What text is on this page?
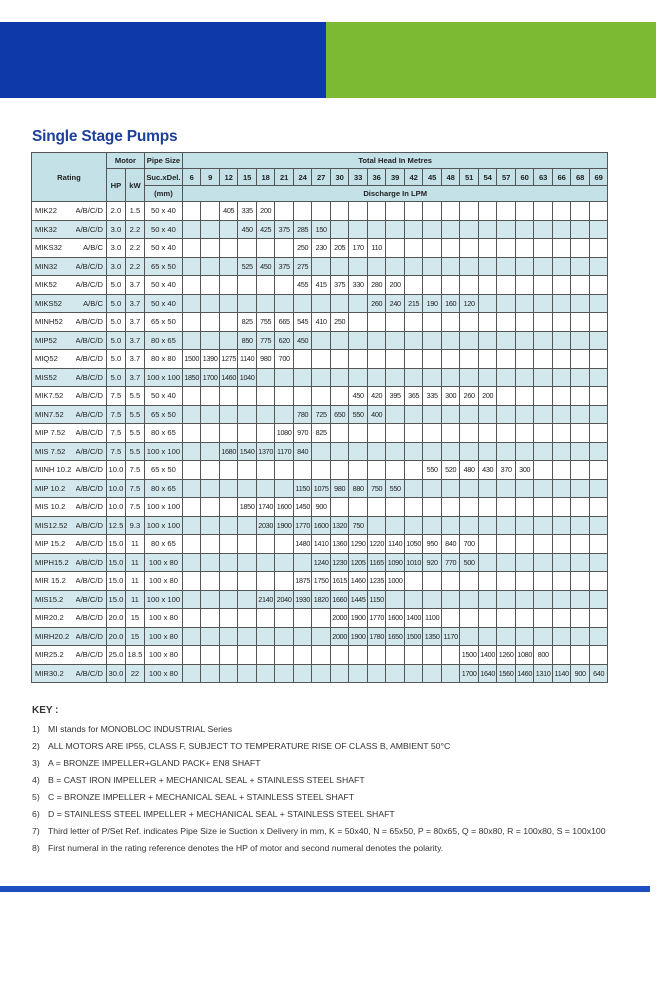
Single Stage Pumps
Rating		Motor		Pipe Size	Total Head In Metres																						
		HP	kW	Suc.xDel.	6	9	12	15	18	21	24	27	30	33	36	39	42	45	48	51	54	57	60	63	66	68	69
				(mm)	Discharge In LPM																						
MIK22	A/B/C/D	2.0	1.5	50 x 40			405	335	200																		
MIK32	A/B/C/D	3.0	2.2	50 x 40				450	425	375	285	150															
MIKS32	A/B/C	3.0	2.2	50 x 40							250	230	205	170	110												
MIN32	A/B/C/D	3.0	2.2	65 x 50				525	450	375	275																
MIK52	A/B/C/D	5.0	3.7	50 x 40							455	415	375	330	280	200											
MIKS52	A/B/C	5.0	3.7	50 x 40											260	240	215	190	160	120							
MINH52	A/B/C/D	5.0	3.7	65 x 50				825	755	665	545	410	250														
MIP52	A/B/C/D	5.0	3.7	80 x 65				850	775	620	450																
MIQ52	A/B/C/D	5.0	3.7	80 x 80	1500	1390	1275	1140	980	700																	
MIS52	A/B/C/D	5.0	3.7	100 x 100	1850	1700	1460	1040																			
MIK7.52	A/B/C/D	7.5	5.5	50 x 40										450	420	395	365	335	300	260	200						
MIN7.52	A/B/C/D	7.5	5.5	65 x 50							780	725	650	550	400												
MIP 7.52	A/B/C/D	7.5	5.5	80 x 65						1080	970	825															
MIS 7.52	A/B/C/D	7.5	5.5	100 x 100			1680	1540	1370	1170	840																
MINH 10.2	A/B/C/D	10.0	7.5	65 x 50														550	520	480	430	370	300				
MIP 10.2	A/B/C/D	10.0	7.5	80 x 65							1150	1075	980	880	750	550											
MIS 10.2	A/B/C/D	10.0	7.5	100 x 100				1850	1740	1600	1450	900															
MIS12.52	A/B/C/D	12.5	9.3	100 x 100					2030	1900	1770	1600	1320	750													
MIP 15.2	A/B/C/D	15.0	11	80 x 65							1480	1410	1360	1290	1220	1140	1050	950	840	700							
MIPH15.2	A/B/C/D	15.0	11	100 x 80								1240	1230	1205	1165	1090	1010	920	770	500							
MIR 15.2	A/B/C/D	15.0	11	100 x 80							1875	1750	1615	1460	1235	1000											
MIS15.2	A/B/C/D	15.0	11	100 x 100					2140	2040	1930	1820	1660	1445	1150												
MIR20.2	A/B/C/D	20.0	15	100 x 80									2000	1900	1770	1600	1400	1100									
MIRH20.2	A/B/C/D	20.0	15	100 x 80									2000	1900	1780	1650	1500	1350	1170								
MIR25.2	A/B/C/D	25.0	18.5	100 x 80																1500	1400	1260	1080	800			
MIR30.2	A/B/C/D	30.0	22	100 x 80																1700	1640	1560	1460	1310	1140	900	640
KEY :
1) MI stands for MONOBLOC INDUSTRIAL Series
2) ALL MOTORS ARE IP55, CLASS F, SUBJECT TO TEMPERATURE RISE OF CLASS B, AMBIENT 50°C
3) A = BRONZE IMPELLER+GLAND PACK+ EN8 SHAFT
4) B = CAST IRON IMPELLER + MECHANICAL SEAL + STAINLESS STEEL SHAFT
5) C = BRONZE IMPELLER + MECHANICAL SEAL + STAINLESS STEEL SHAFT
6) D = STAINLESS STEEL IMPELLER + MECHANICAL SEAL + STAINLESS STEEL SHAFT
7) Third letter of P/Set Ref. indicates Pipe Size ie Suction x Delivery in mm, K = 50x40, N = 65x50, P = 80x65, Q = 80x80, R = 100x80, S = 100x100
8) First numeral in the rating reference denotes the HP of motor and second numeral denotes the polarity.
